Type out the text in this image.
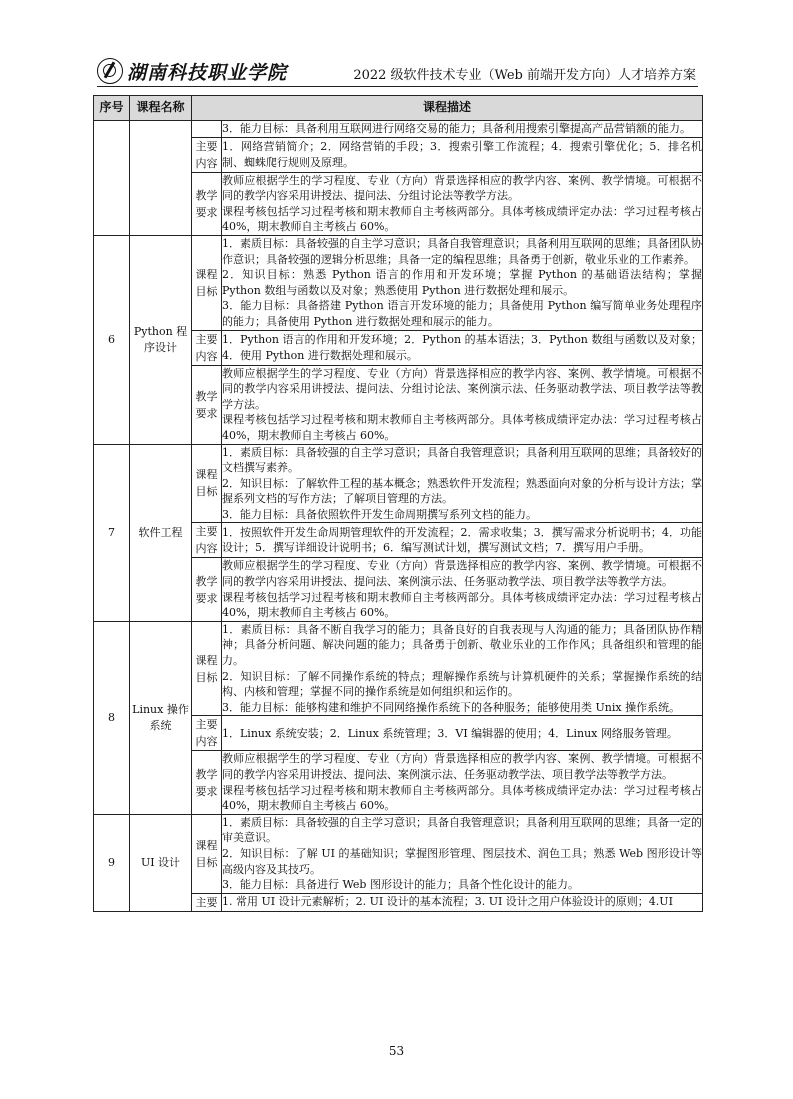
湖南科技职业学院	2022 级软件技术专业（Web 前端开发方向）人才培养方案
序号	课程名称	课程描述	

			3．能力目标：具备利用互联网进行网络交易的能力；具备利用搜索引擎提高产品营销额的能力。

		主要内容	1．网络营销简介；2．网络营销的手段；3．搜索引擎工作流程；4．搜索引擎优化；5．排名机制、蜘蛛爬行规则及原理。

		教学要求	教师应根据学生的学习程度、专业（方向）背景选择相应的教学内容、案例、教学情境。可根据不同的教学内容采用讲授法、提问法、分组讨论法等教学方法。
课程考核包括学习过程考核和期末教师自主考核两部分。具体考核成绩评定办法：学习过程考核占 40%，期末教师自主考核占 60%。

6	Python 程序设计	课程目标	1．素质目标：具备较强的自主学习意识；具备自我管理意识；具备利用互联网的思维；具备团队协作意识；具备较强的逻辑分析思维；具备一定的编程思维；具备勇于创新，敬业乐业的工作素养。
2．知识目标：熟悉 Python 语言的作用和开发环境；掌握 Python 的基础语法结构；掌握 Python 数组与函数以及对象；熟悉使用 Python 进行数据处理和展示。
3．能力目标：具备搭建 Python 语言开发环境的能力；具备使用 Python 编写简单业务处理程序的能力；具备使用 Python 进行数据处理和展示的能力。

		主要内容	1．Python 语言的作用和开发环境；2．Python 的基本语法；3．Python 数组与函数以及对象；4．使用 Python 进行数据处理和展示。

		教学要求	教师应根据学生的学习程度、专业（方向）背景选择相应的教学内容、案例、教学情境。可根据不同的教学内容采用讲授法、提问法、分组讨论法、案例演示法、任务驱动教学法、项目教学法等教学方法。
课程考核包括学习过程考核和期末教师自主考核两部分。具体考核成绩评定办法：学习过程考核占 40%，期末教师自主考核占 60%。

7	软件工程	课程目标	1．素质目标：具备较强的自主学习意识；具备自我管理意识；具备利用互联网的思维；具备较好的文档撰写素养。
2．知识目标：了解软件工程的基本概念；熟悉软件开发流程；熟悉面向对象的分析与设计方法；掌握系列文档的写作方法；了解项目管理的方法。
3．能力目标：具备依照软件开发生命周期撰写系列文档的能力。

		主要内容	1．按照软件开发生命周期管理软件的开发流程；2．需求收集；3．撰写需求分析说明书；4．功能设计；5．撰写详细设计说明书；6．编写测试计划，撰写测试文档；7．撰写用户手册。

		教学要求	教师应根据学生的学习程度、专业（方向）背景选择相应的教学内容、案例、教学情境。可根据不同的教学内容采用讲授法、提问法、案例演示法、任务驱动教学法、项目教学法等教学方法。
课程考核包括学习过程考核和期末教师自主考核两部分。具体考核成绩评定办法：学习过程考核占 40%，期末教师自主考核占 60%。

8	Linux 操作系统	课程目标	1．素质目标：具备不断自我学习的能力；具备良好的自我表现与人沟通的能力；具备团队协作精神；具备分析问题、解决问题的能力；具备勇于创新、敬业乐业的工作作风；具备组织和管理的能力。
2．知识目标：了解不同操作系统的特点；理解操作系统与计算机硬件的关系；掌握操作系统的结构、内核和管理；掌握不同的操作系统是如何组织和运作的。
3．能力目标：能够构建和维护不同网络操作系统下的各种服务；能够使用类 Unix 操作系统。

		主要内容	1．Linux 系统安装；2．Linux 系统管理；3．VI 编辑器的使用；4．Linux 网络服务管理。

		教学要求	教师应根据学生的学习程度、专业（方向）背景选择相应的教学内容、案例、教学情境。可根据不同的教学内容采用讲授法、提问法、案例演示法、任务驱动教学法、项目教学法等教学方法。
课程考核包括学习过程考核和期末教师自主考核两部分。具体考核成绩评定办法：学习过程考核占 40%，期末教师自主考核占 60%。

9	UI 设计	课程目标	1．素质目标：具备较强的自主学习意识；具备自我管理意识；具备利用互联网的思维；具备一定的审美意识。
2．知识目标：了解 UI 的基础知识；掌握图形管理、图层技术、润色工具；熟悉 Web 图形设计等高级内容及其技巧。
3．能力目标：具备进行 Web 图形设计的能力；具备个性化设计的能力。

		主要	1. 常用 UI 设计元素解析；2. UI 设计的基本流程；3. UI 设计之用户体验设计的原则；4.UI
53
